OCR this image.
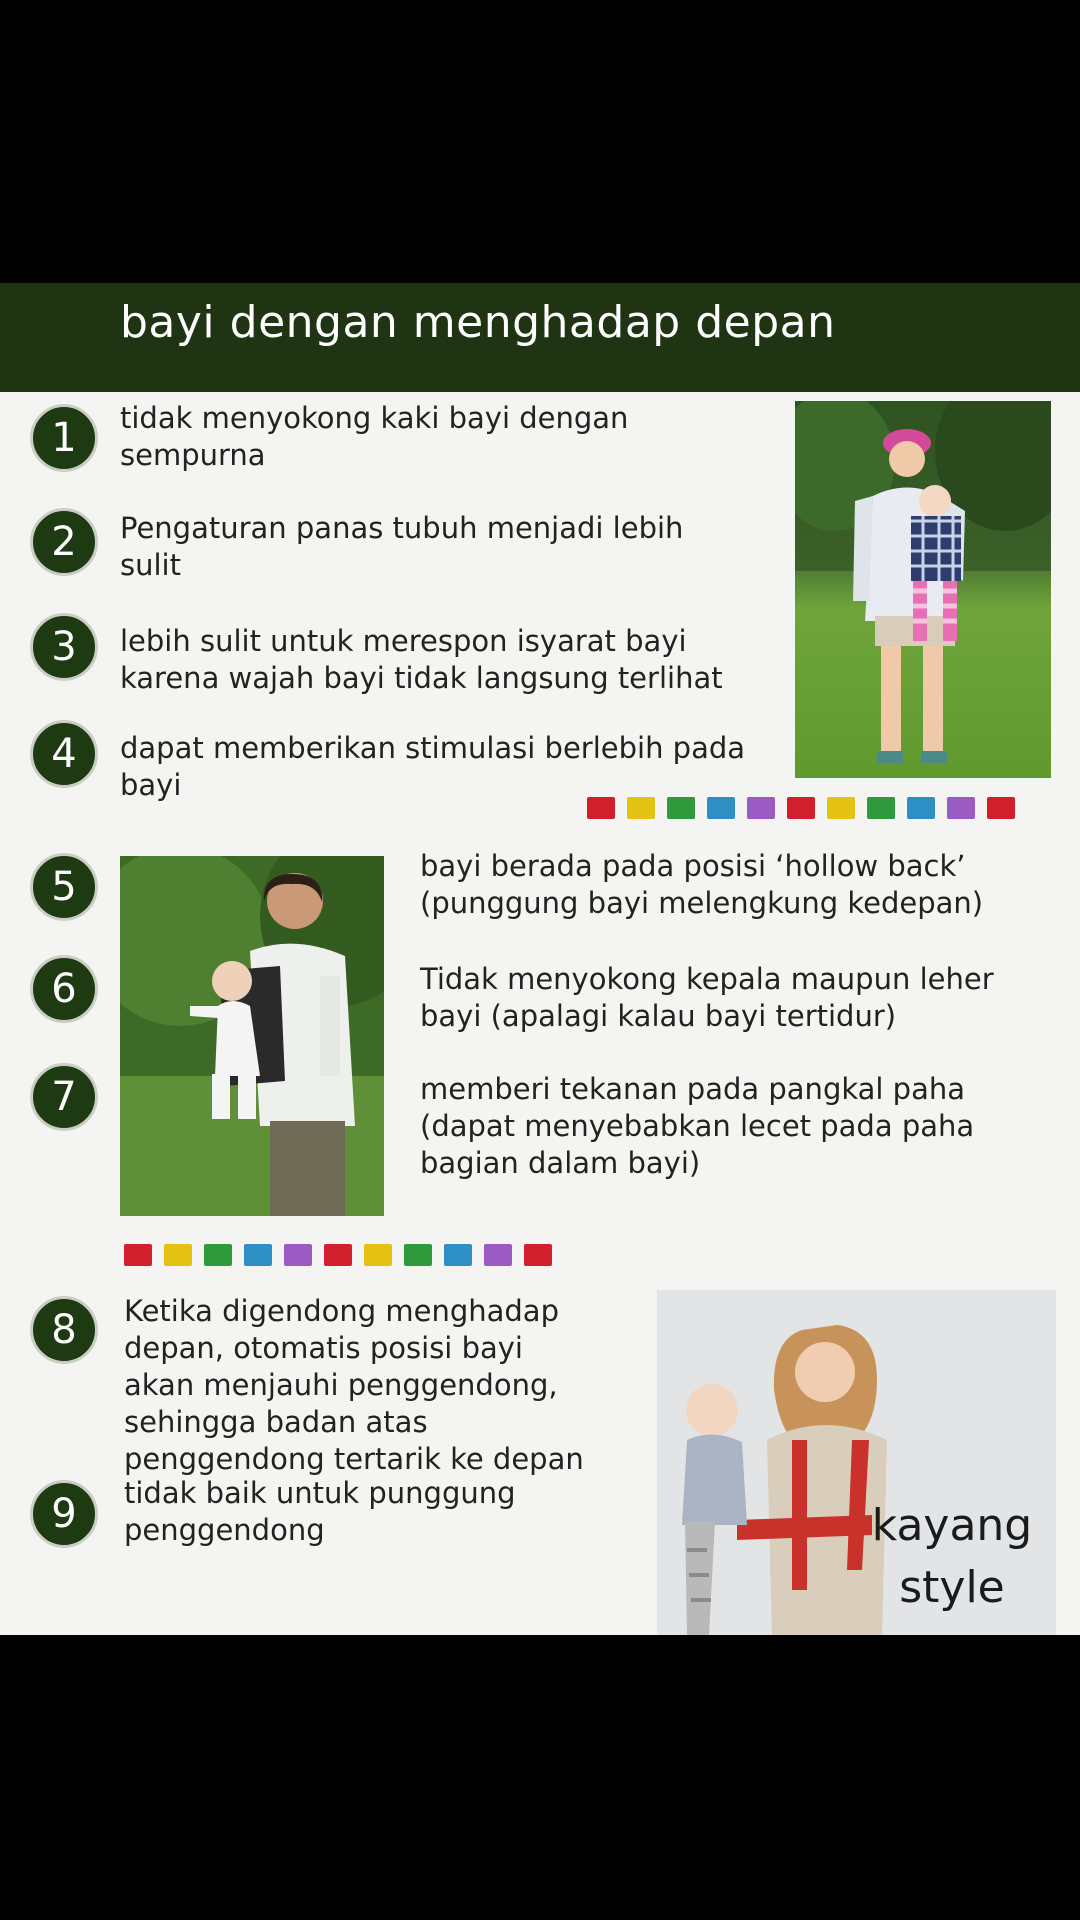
bayi dengan menghadap depan
1	tidak menyokong kaki bayi dengan
sempurna
2	Pengaturan panas tubuh menjadi lebih
sulit
3	lebih sulit untuk merespon isyarat bayi
karena wajah bayi tidak langsung terlihat
4	dapat memberikan stimulasi berlebih pada
bayi
5	bayi berada pada posisi ‘hollow back’
(punggung bayi melengkung kedepan)
6	Tidak menyokong kepala maupun leher
bayi (apalagi kalau bayi tertidur)
7	memberi tekanan pada pangkal paha
(dapat menyebabkan lecet pada paha
bagian dalam bayi)
8	Ketika digendong menghadap
depan, otomatis posisi bayi
akan menjauhi penggendong,
sehingga badan atas
penggendong tertarik ke depan
9	tidak baik untuk punggung
penggendong	kayang
style
